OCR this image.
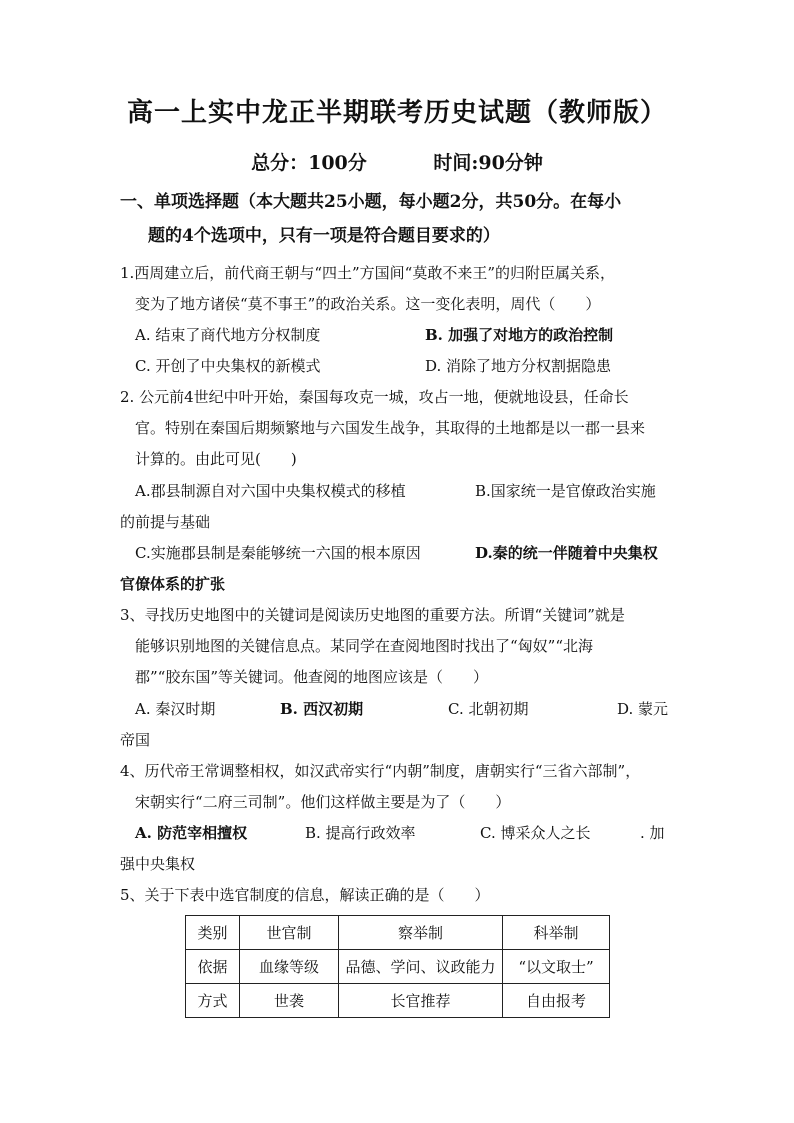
高一上实中龙正半期联考历史试题（教师版）
总分：100分	时间:90分钟
一、单项选择题（本大题共25小题，每小题2分，共50分。在每小
题的4个选项中，只有一项是符合题目要求的）
1.西周建立后，前代商王朝与“四土”方国间“莫敢不来王”的归附臣属关系，
变为了地方诸侯“莫不事王”的政治关系。这一变化表明，周代（　　）
A. 结束了商代地方分权制度	B. 加强了对地方的政治控制
C. 开创了中央集权的新模式	D. 消除了地方分权割据隐患
2. 公元前4世纪中叶开始，秦国每攻克一城，攻占一地，便就地设县，任命长
官。特别在秦国后期频繁地与六国发生战争，其取得的土地都是以一郡一县来
计算的。由此可见(　　)
A.郡县制源自对六国中央集权模式的移植	B.国家统一是官僚政治实施
的前提与基础
C.实施郡县制是秦能够统一六国的根本原因	D.秦的统一伴随着中央集权
官僚体系的扩张
3、寻找历史地图中的关键词是阅读历史地图的重要方法。所谓“关键词”就是
能够识别地图的关键信息点。某同学在查阅地图时找出了“匈奴”“北海
郡”“胶东国”等关键词。他查阅的地图应该是（　　）
A. 秦汉时期	B. 西汉初期	C. 北朝初期	D. 蒙元
帝国
4、历代帝王常调整相权，如汉武帝实行“内朝”制度，唐朝实行“三省六部制”，
宋朝实行“二府三司制”。他们这样做主要是为了（　　）
A. 防范宰相擅权	B. 提高行政效率	C. 博采众人之长	. 加
强中央集权
5、关于下表中选官制度的信息，解读正确的是（　　）
类别	世官制	察举制	科举制
依据	血缘等级	品德、学问、议政能力	“以文取士”
方式	世袭	长官推荐	自由报考
